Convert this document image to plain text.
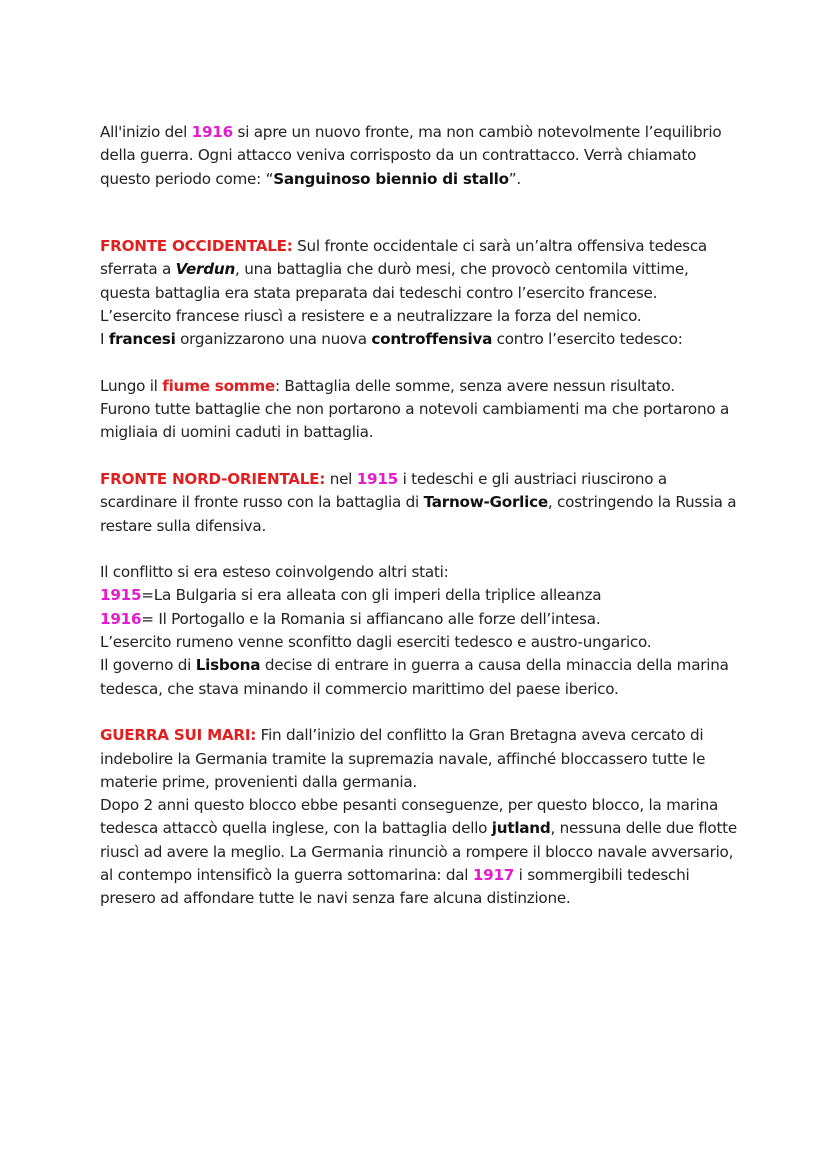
All'inizio del 1916 si apre un nuovo fronte, ma non cambiò notevolmente l’equilibrio della guerra. Ogni attacco veniva corrisposto da un contrattacco. Verrà chiamato questo periodo come: “Sanguinoso biennio di stallo”.

FRONTE OCCIDENTALE: Sul fronte occidentale ci sarà un’altra offensiva tedesca sferrata a Verdun, una battaglia che durò mesi, che provocò centomila vittime, questa battaglia era stata preparata dai tedeschi contro l’esercito francese.

L’esercito francese riuscì a resistere e a neutralizzare la forza del nemico.

I francesi organizzarono una nuova controffensiva contro l’esercito tedesco:

Lungo il fiume somme: Battaglia delle somme, senza avere nessun risultato.

Furono tutte battaglie che non portarono a notevoli cambiamenti ma che portarono a migliaia di uomini caduti in battaglia.

FRONTE NORD-ORIENTALE: nel 1915 i tedeschi e gli austriaci riuscirono a scardinare il fronte russo con la battaglia di Tarnow-Gorlice, costringendo la Russia a restare sulla difensiva.

Il conflitto si era esteso coinvolgendo altri stati:

1915=La Bulgaria si era alleata con gli imperi della triplice alleanza

1916= Il Portogallo e la Romania si affiancano alle forze dell’intesa.

L’esercito rumeno venne sconfitto dagli eserciti tedesco e austro-ungarico.

Il governo di Lisbona decise di entrare in guerra a causa della minaccia della marina tedesca, che stava minando il commercio marittimo del paese iberico.

GUERRA SUI MARI: Fin dall’inizio del conflitto la Gran Bretagna aveva cercato di indebolire la Germania tramite la supremazia navale, affinché bloccassero tutte le materie prime, provenienti dalla germania.

Dopo 2 anni questo blocco ebbe pesanti conseguenze, per questo blocco, la marina tedesca attaccò quella inglese, con la battaglia dello jutland, nessuna delle due flotte riuscì ad avere la meglio. La Germania rinunciò a rompere il blocco navale avversario, al contempo intensificò la guerra sottomarina: dal 1917 i sommergibili tedeschi presero ad affondare tutte le navi senza fare alcuna distinzione.
